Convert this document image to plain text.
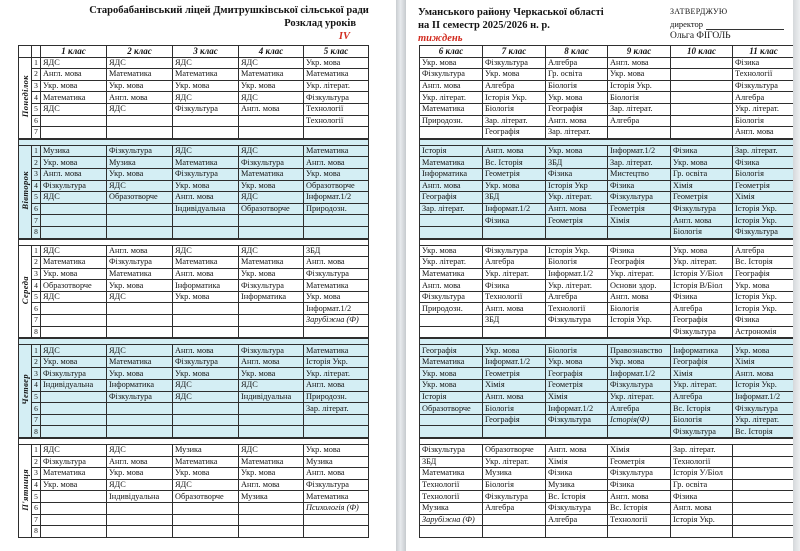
Старобабанівський ліцей Дмитрушківської сільської ради
Розклад уроків
IV
		1 клас	2 клас	3 клас	4 клас	5 клас
Понеділок	1	ЯДС	ЯДС	ЯДС	ЯДС	Укр. мова
	2	Англ. мова	Математика	Математика	Математика	Математика
	3	Укр. мова	Укр. мова	Укр. мова	Укр. мова	Укр. літерат.
	4	Математика	Англ. мова	ЯДС	ЯДС	Фізкультура
	5	ЯДС	ЯДС	Фізкультура	Англ. мова	Технології
	6					Технології
	7					

Вівторок	1	Музика	Фізкультура	ЯДС	ЯДС	Математика
	2	Укр. мова	Музика	Математика	Фізкультура	Англ. мова
	3	Англ. мова	Укр. мова	Фізкультура	Математика	Укр. мова
	4	Фізкультура	ЯДС	Укр. мова	Укр. мова	Образотворче
	5	ЯДС	Образотворче	Англ. мова	ЯДС	Інформат.1/2
	6			Індивідуальна	Образотворче	Природозн.
	7					
	8					

Середа	1	ЯДС	Англ. мова	ЯДС	ЯДС	ЗБД
	2	Математика	Фізкультура	Математика	Математика	Англ. мова
	3	Укр. мова	Математика	Англ. мова	Укр. мова	Фізкультура
	4	Образотворче	Укр. мова	Інформатика	Фізкультура	Математика
	5	ЯДС	ЯДС	Укр. мова	Інформатика	Укр. мова
	6					Інформат.1/2
	7					Зарубіжна (Ф)
	8					

Четвер	1	ЯДС	ЯДС	Англ. мова	Фізкультура	Математика
	2	Укр. мова	Математика	Фізкультура	Англ. мова	Історія Укр.
	3	Фізкультура	Укр. мова	Укр. мова	Укр. мова	Укр. літерат.
	4	Індивідуальна	Інформатика	ЯДС	ЯДС	Англ. мова
	5		Фізкультура	ЯДС	Індивідуальна	Природозн.
	6					Зар. літерат.
	7					
	8					

П'ятниця	1	ЯДС	ЯДС	Музика	ЯДС	Укр. мова
	2	Фізкультура	Англ. мова	Математика	Математика	Музика
	3	Математика	Укр. мова	Укр. мова	Укр. мова	Англ. мова
	4	Укр. мова	ЯДС	ЯДС	Англ. мова	Фізкультура
	5		Індивідуальна	Образотворче	Музика	Математика
	6					Психологія (Ф)
	7					
	8					
Уманського району Черкаської області
на ІІ семестр 2025/2026 н. р.
тиждень
ЗАТВЕРДЖУЮ
директор
Ольга ФІГОЛЬ
6 клас	7 клас	8 клас	9 клас	10 клас	11 клас
Укр. мова	Фізкультура	Алгебра	Англ. мова		Фізика
Фізкультура	Укр. мова	Гр. освіта	Укр. мова		Технології
Англ. мова	Алгебра	Біологія	Історія Укр.		Фізкультура
Укр. літерат.	Історія Укр.	Укр. мова	Біологія		Алгебра
Математика	Біологія	Географія	Зар. літерат.		Укр. літерат.
Природозн.	Зар. літерат.	Англ. мова	Алгебра		Біологія
	Географія	Зар. літерат.			Англ. мова

Історія	Англ. мова	Укр. мова	Інформат.1/2	Фізика	Зар. літерат.
Математика	Вс. Історія	ЗБД	Зар. літерат.	Укр. мова	Фізика
Інформатика	Геометрія	Фізика	Мистецтво	Гр. освіта	Біологія
Англ. мова	Укр. мова	Історія Укр	Фізика	Хімія	Геометрія
Географія	ЗБД	Укр. літерат.	Фізкультура	Геометрія	Хімія
Зар. літерат.	Інформат.1/2	Англ. мова	Геометрія	Фізкультура	Історія Укр.
	Фізика	Геометрія	Хімія	Англ. мова	Історія Укр.
				Біологія	Фізкультура

Укр. мова	Фізкультура	Історія Укр.	Фізика	Укр. мова	Алгебра
Укр. літерат.	Алгебра	Біологія	Географія	Укр. літерат.	Вс. Історія
Математика	Укр. літерат.	Інформат.1/2	Укр. літерат.	Історія У/Біол	Географія
Англ. мова	Фізика	Укр. літерат.	Основи здор.	Історія В/Біол	Укр. мова
Фізкультура	Технології	Алгебра	Англ. мова	Фізика	Історія Укр.
Природозн.	Англ. мова	Технології	Біологія	Алгебра	Історія Укр.
	ЗБД	Фізкультура	Історія Укр.	Географія	Фізика
				Фізкультура	Астрономія

Географія	Укр. мова	Біологія	Правознавство	Інформатика	Укр. мова
Математика	Інформат.1/2	Укр. мова	Укр. мова	Географія	Хімія
Укр. мова	Геометрія	Географія	Інформат.1/2	Хімія	Англ. мова
Укр. мова	Хімія	Геометрія	Фізкультура	Укр. літерат.	Історія Укр.
Історія	Англ. мова	Хімія	Укр. літерат.	Алгебра	Інформат.1/2
Образотворче	Біологія	Інформат.1/2	Алгебра	Вс. Історія	Фізкультура
	Географія	Фізкультура	Історія(Ф)	Біологія	Укр. літерат.
				Фізкультура	Вс. Історія

Фізкультура	Образотворче	Англ. мова	Хімія	Зар. літерат.	
ЗБД	Укр. літерат.	Хімія	Геометрія	Технології	
Математика	Музика	Фізика	Фізкультура	Історія У/Біол	
Технології	Біологія	Музика	Фізика	Гр. освіта	
Технології	Фізкультура	Вс. Історія	Англ. мова	Фізика	
Музика	Алгебра	Фізкультура	Вс. Історія	Англ. мова	
Зарубіжна (Ф)		Алгебра	Технології	Історія Укр.	
